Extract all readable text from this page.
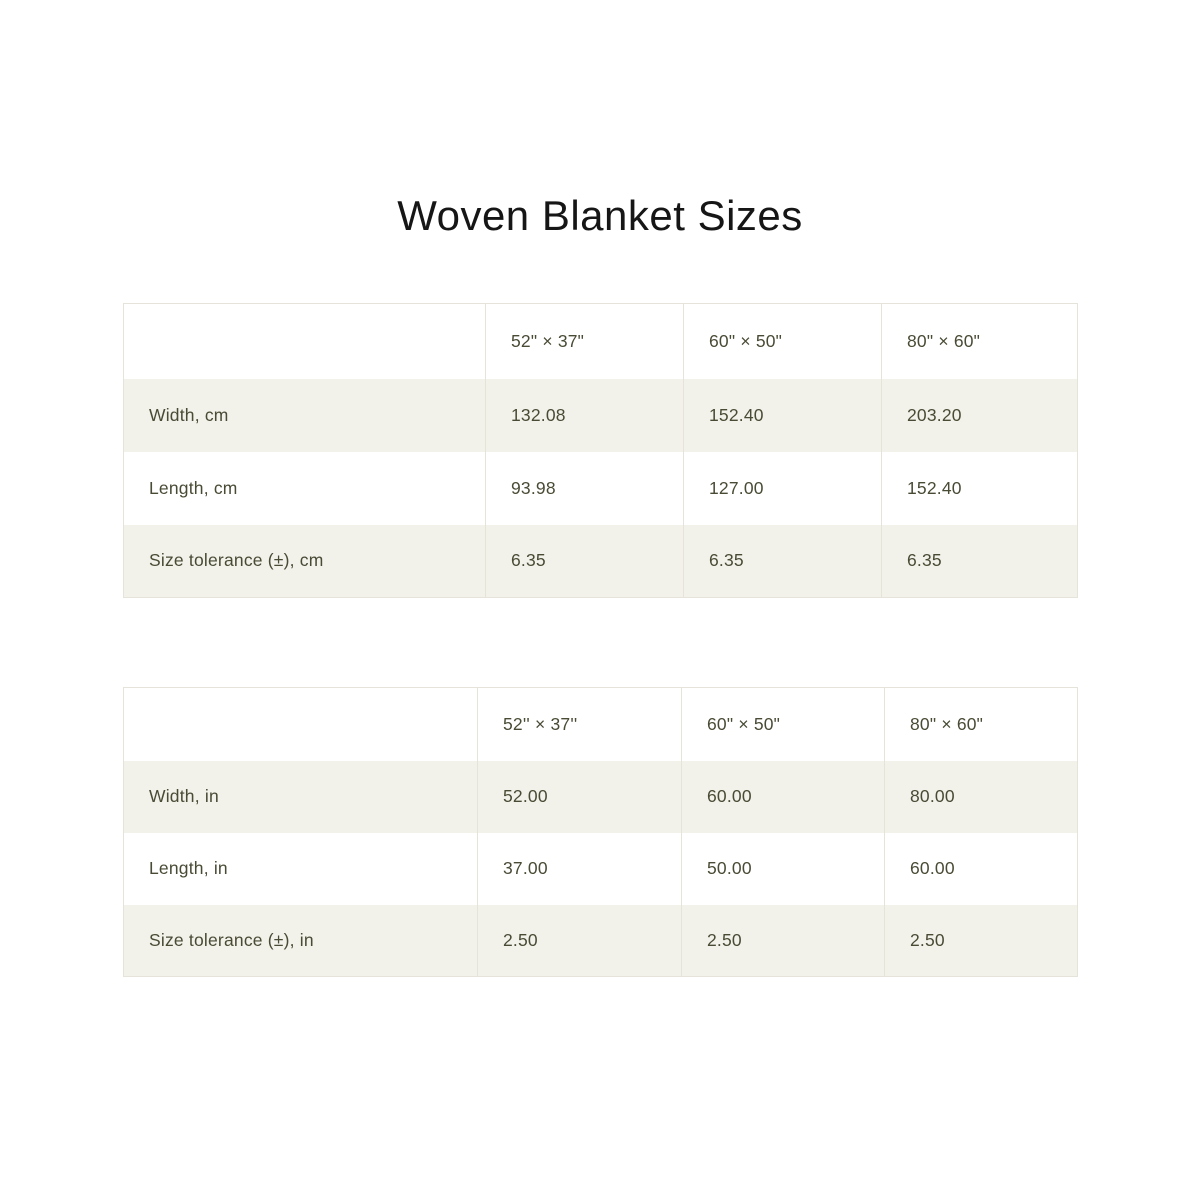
Woven Blanket Sizes
	52" × 37"	60" × 50"	80" × 60"
Width, cm	132.08	152.40	203.20
Length, cm	93.98	127.00	152.40
Size tolerance (±), cm	6.35	6.35	6.35
	52'' × 37''	60" × 50"	80" × 60"
Width, in	52.00	60.00	80.00
Length, in	37.00	50.00	60.00
Size tolerance (±), in	2.50	2.50	2.50
